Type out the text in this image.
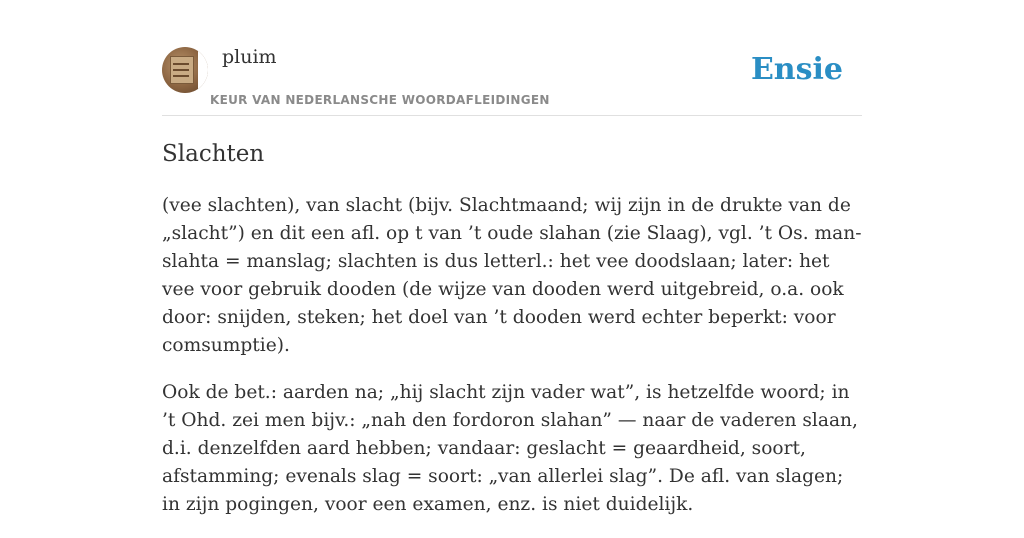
pluim
KEUR VAN NEDERLANSCHE WOORDAFLEIDINGEN
Ensie
Slachten

(vee slachten), van slacht (bijv. Slachtmaand; wij zijn in de drukte van de „slacht”) en dit een afl. op t van ’t oude slahan (zie Slaag), vgl. ’t Os. man-slahta = manslag; slachten is dus letterl.: het vee doodslaan; later: het vee voor gebruik dooden (de wijze van dooden werd uitgebreid, o.a. ook door: snijden, steken; het doel van ’t dooden werd echter beperkt: voor comsumptie).

Ook de bet.: aarden na; „hij slacht zijn vader wat”, is hetzelfde woord; in ’t Ohd. zei men bijv.: „nah den fordoron slahan” — naar de vaderen slaan, d.i. denzelfden aard hebben; vandaar: geslacht = geaardheid, soort, afstamming; evenals slag = soort: „van allerlei slag”. De afl. van slagen; in zijn pogingen, voor een examen, enz. is niet duidelijk.
